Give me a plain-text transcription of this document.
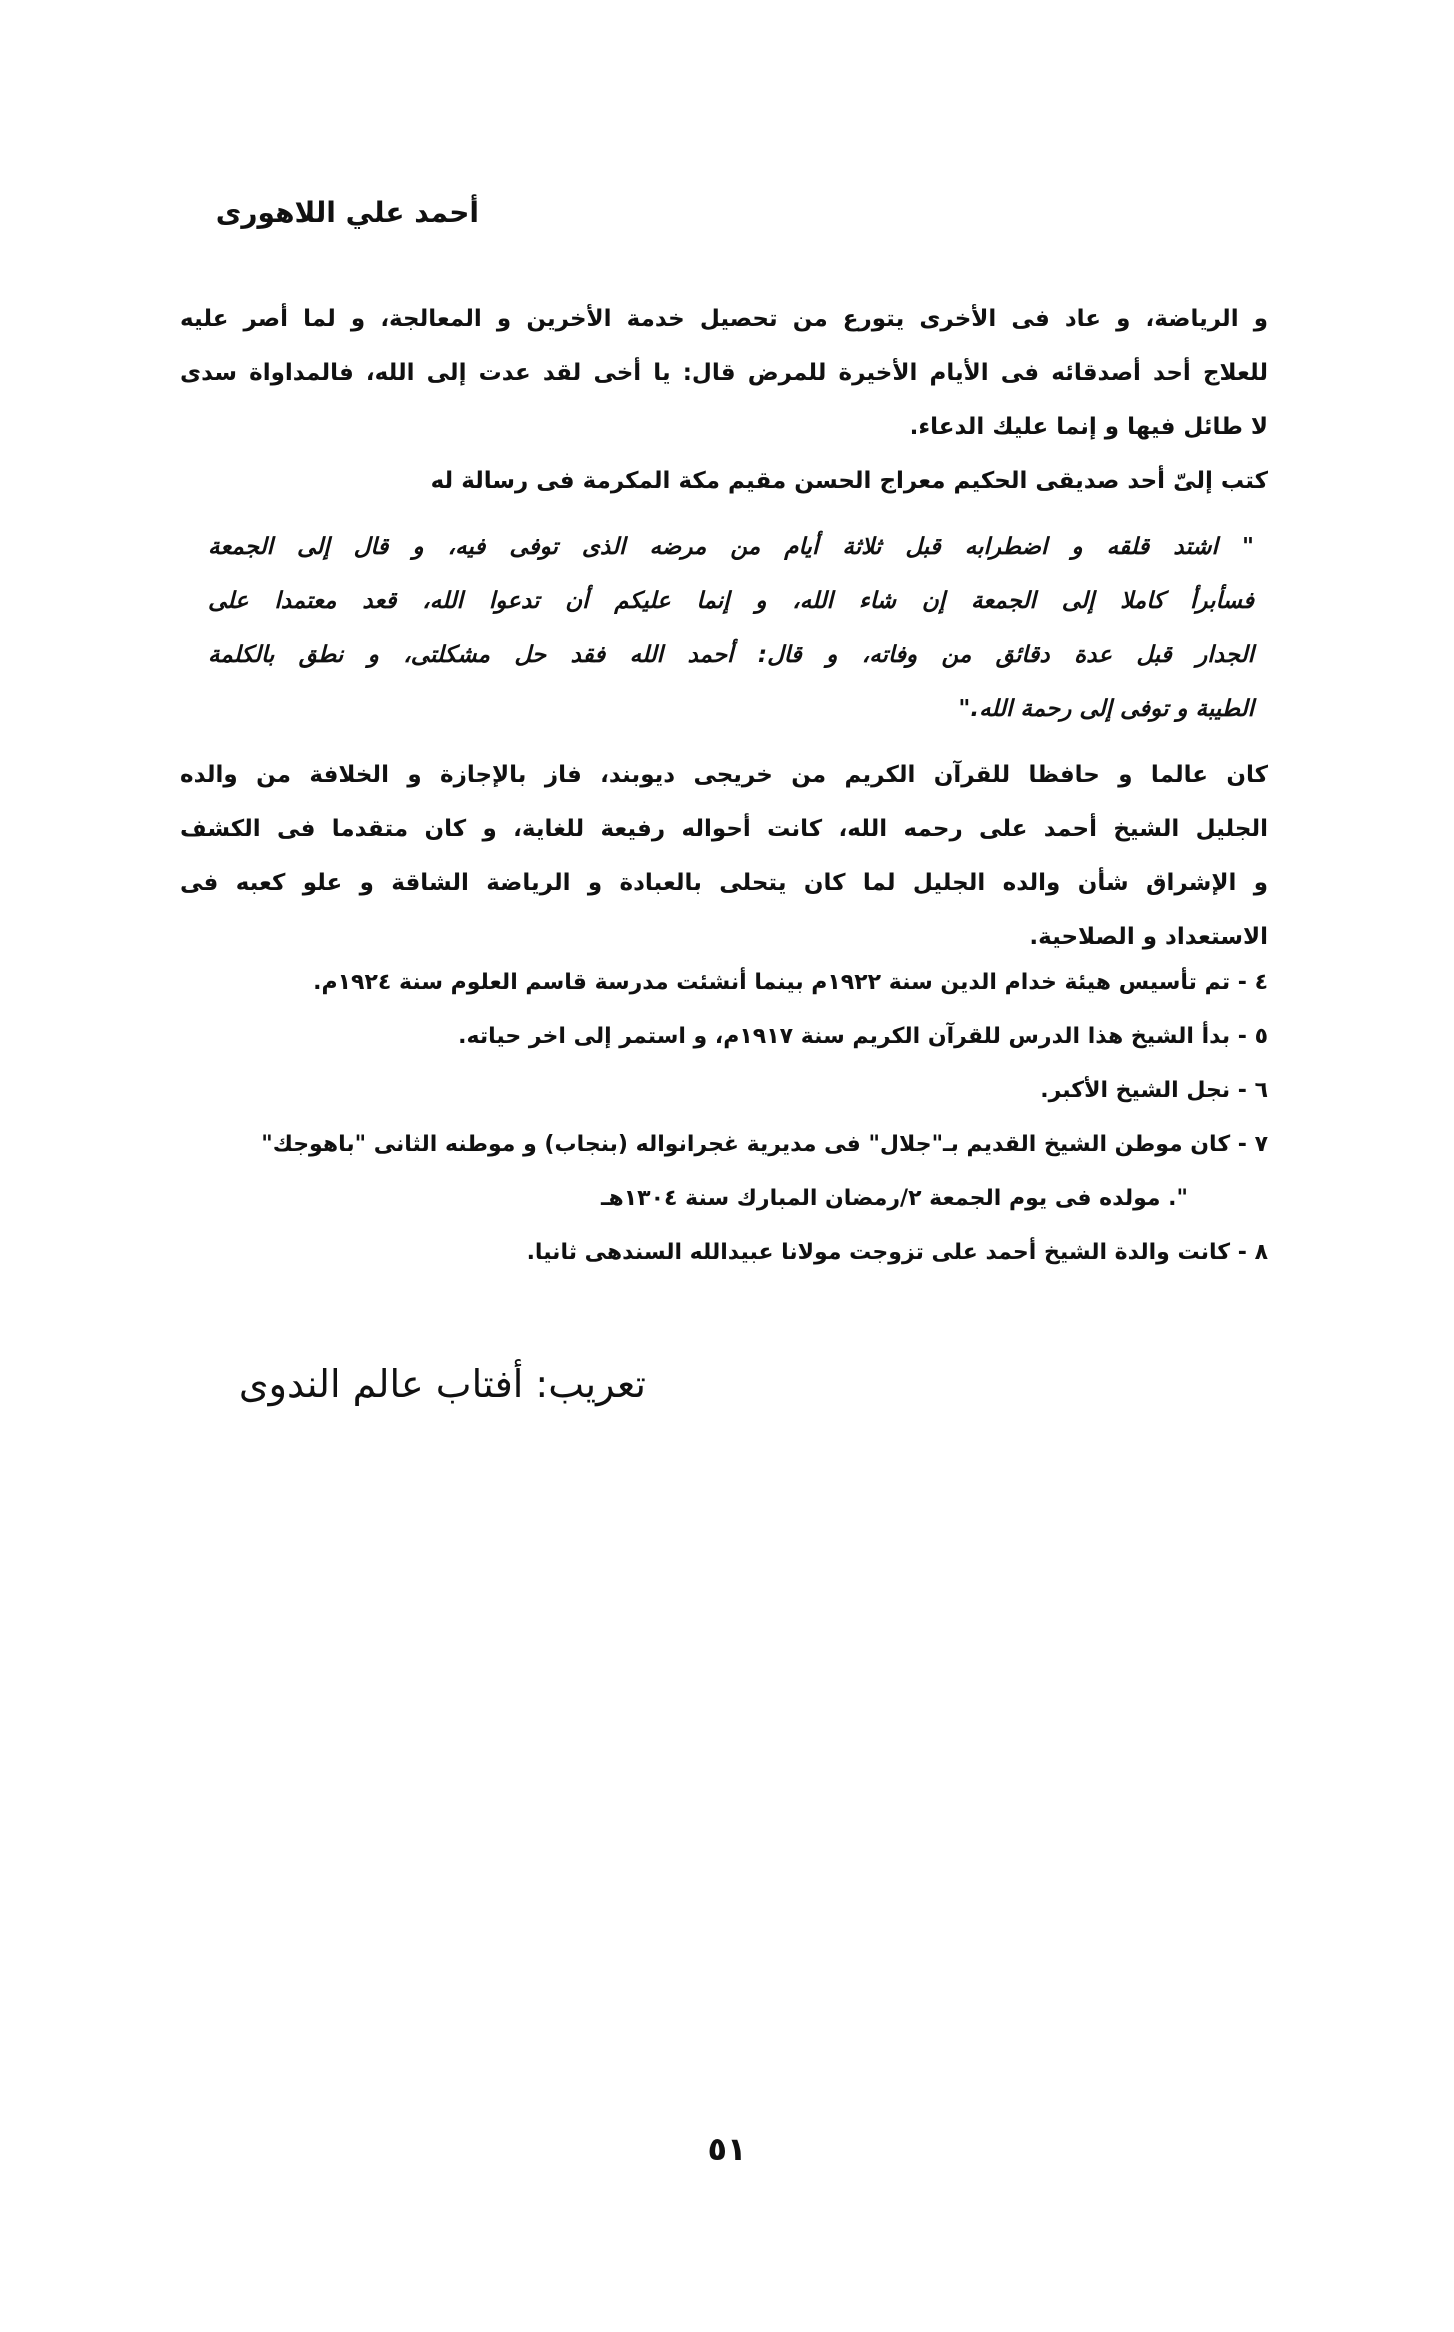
أحمد علي اللاهوری
و الرياضة، و عاد فى الأخرى يتورع من تحصيل خدمة الأخرين و المعالجة، و لما أصر عليه
للعلاج أحد أصدقائه فى الأيام الأخيرة للمرض قال: يا أخى لقد عدت إلى الله، فالمداواة سدى
لا طائل فيها و إنما عليك الدعاء.
كتب إلىّ أحد صديقى الحكيم معراج الحسن مقيم مكة المكرمة فى رسالة له
" اشتد قلقه و اضطرابه قبل ثلاثة أيام من مرضه الذى توفى فيه، و قال إلى الجمعة
فسأبرأ كاملا إلى الجمعة إن شاء الله، و إنما عليكم أن تدعوا الله، قعد معتمدا على
الجدار قبل عدة دقائق من وفاته، و قال: أحمد الله فقد حل مشكلتى، و نطق بالكلمة
الطيبة و توفى إلى رحمة الله."
كان عالما و حافظا للقرآن الكريم من خريجى ديوبند، فاز بالإجازة و الخلافة من والده
الجليل الشيخ أحمد على رحمه الله، كانت أحواله رفيعة للغاية، و كان متقدما فى الكشف
و الإشراق شأن والده الجليل لما كان يتحلى بالعبادة و الرياضة الشاقة و علو كعبه فى
الاستعداد و الصلاحية.
٤ - تم تأسيس هيئة خدام الدين سنة ١٩٢٢م بينما أنشئت مدرسة قاسم العلوم سنة ١٩٢٤م.
٥ - بدأ الشيخ هذا الدرس للقرآن الكريم سنة ١٩١٧م، و استمر إلى اخر حياته.
٦ - نجل الشيخ الأكبر.
٧ - كان موطن الشيخ القديم بـ"جلال" فى مديرية غجرانواله (بنجاب) و موطنه الثانى "باهوجك"
". مولده فى يوم الجمعة ٢/رمضان المبارك سنة ١٣٠٤هـ
٨ - كانت والدة الشيخ أحمد على تزوجت مولانا عبيدالله السندهى ثانيا.
تعريب: أفتاب عالم الندوى
٥١
